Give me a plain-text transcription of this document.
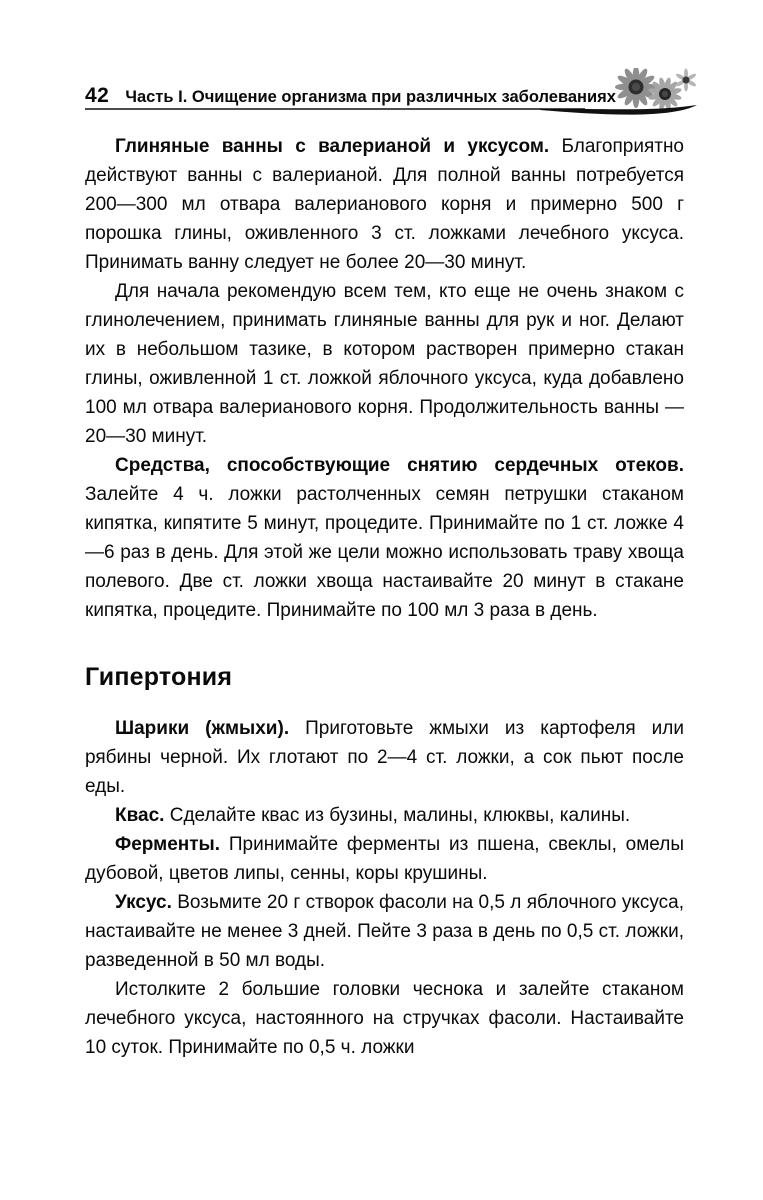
42 Часть I. Очищение организма при различных заболеваниях

Глиняные ванны с валерианой и уксусом. Благоприятно действуют ванны с валерианой. Для полной ванны потребуется 200—300 мл отвара валерианового корня и примерно 500 г порошка глины, оживленного 3 ст. ложками лечебного уксуса. Принимать ванну следует не более 20—30 минут.

Для начала рекомендую всем тем, кто еще не очень знаком с глинолечением, принимать глиняные ванны для рук и ног. Делают их в небольшом тазике, в котором растворен примерно стакан глины, оживленной 1 ст. ложкой яблочного уксуса, куда добавлено 100 мл отвара валерианового корня. Продолжительность ванны — 20—30 минут.

Средства, способствующие снятию сердечных отеков. Залейте 4 ч. ложки растолченных семян петрушки стаканом кипятка, кипятите 5 минут, процедите. Принимайте по 1 ст. ложке 4—6 раз в день. Для этой же цели можно использовать траву хвоща полевого. Две ст. ложки хвоща настаивайте 20 минут в стакане кипятка, процедите. Принимайте по 100 мл 3 раза в день.

Гипертония

Шарики (жмыхи). Приготовьте жмыхи из картофеля или рябины черной. Их глотают по 2—4 ст. ложки, а сок пьют после еды.

Квас. Сделайте квас из бузины, малины, клюквы, калины.

Ферменты. Принимайте ферменты из пшена, свеклы, омелы дубовой, цветов липы, сенны, коры крушины.

Уксус. Возьмите 20 г створок фасоли на 0,5 л яблочного уксуса, настаивайте не менее 3 дней. Пейте 3 раза в день по 0,5 ст. ложки, разведенной в 50 мл воды.

Истолките 2 большие головки чеснока и залейте стаканом лечебного уксуса, настоянного на стручках фасоли. Настаивайте 10 суток. Принимайте по 0,5 ч. ложки
